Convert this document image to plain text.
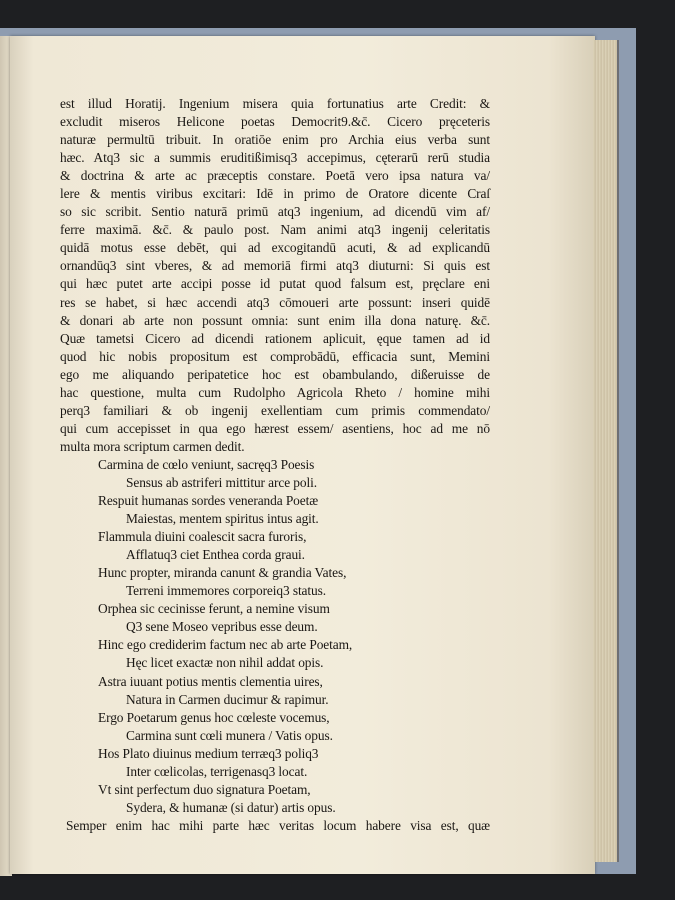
est illud Horatij. Ingenium misera quia fortunatius arte Credit: &
excludit miseros Helicone poetas Democrit9.&c̄. Cicero pręceteris
naturæ permultū tribuit. In oratiōe enim pro Archia eius verba sunt
hæc. Atq3 sic a summis eruditißimisq3 accepimus, cęterarū rerū studia
& doctrina & arte ac præceptis constare. Poetā vero ipsa natura va/
lere & mentis viribus excitari: Idē in primo de Oratore dicente Craſ
so sic scribit. Sentio naturā primū atq3 ingenium, ad dicendū vim af/
ferre maximā. &c̄. & paulo post. Nam animi atq3 ingenij celeritatis
quidā motus esse debēt, qui ad excogitandū acuti, & ad explicandū
ornandūq3 sint vberes, & ad memoriā firmi atq3 diuturni: Si quis est
qui hæc putet arte accipi posse id putat quod falsum est, pręclare eni
res se habet, si hæc accendi atq3 cōmoueri arte possunt: inseri quidē
& donari ab arte non possunt omnia: sunt enim illa dona naturę. &c̄.
Quæ tametsi Cicero ad dicendi rationem aplicuit, ęque tamen ad id
quod hic nobis propositum est comprobādū, efficacia sunt, Memini
ego me aliquando peripatetice hoc est obambulando, dißeruisse de
hac questione, multa cum Rudolpho Agricola Rheto / homine mihi
perq3 familiari & ob ingenij exellentiam cum primis commendato/
qui cum accepisset in qua ego hærest essem/ asentiens, hoc ad me nō
multa mora scriptum carmen dedit.
Carmina de cœlo veniunt, sacręq3 Poesis
Sensus ab astriferi mittitur arce poli.
Respuit humanas sordes veneranda Poetæ
Maiestas, mentem spiritus intus agit.
Flammula diuini coalescit sacra furoris,
Afflatuq3 ciet Enthea corda graui.
Hunc propter, miranda canunt & grandia Vates,
Terreni immemores corporeiq3 status.
Orphea sic cecinisse ferunt, a nemine visum
Q3 sene Moseo vepribus esse deum.
Hinc ego crediderim factum nec ab arte Poetam,
Hęc licet exactæ non nihil addat opis.
Astra iuuant potius mentis clementia uires,
Natura in Carmen ducimur & rapimur.
Ergo Poetarum genus hoc cœleste vocemus,
Carmina sunt cœli munera / Vatis opus.
Hos Plato diuinus medium terræq3 poliq3
Inter cœlicolas, terrigenasq3 locat.
Vt sint perfectum duo signatura Poetam,
Sydera, & humanæ (si datur) artis opus.
Semper enim hac mihi parte hæc veritas locum habere visa est, quæ
